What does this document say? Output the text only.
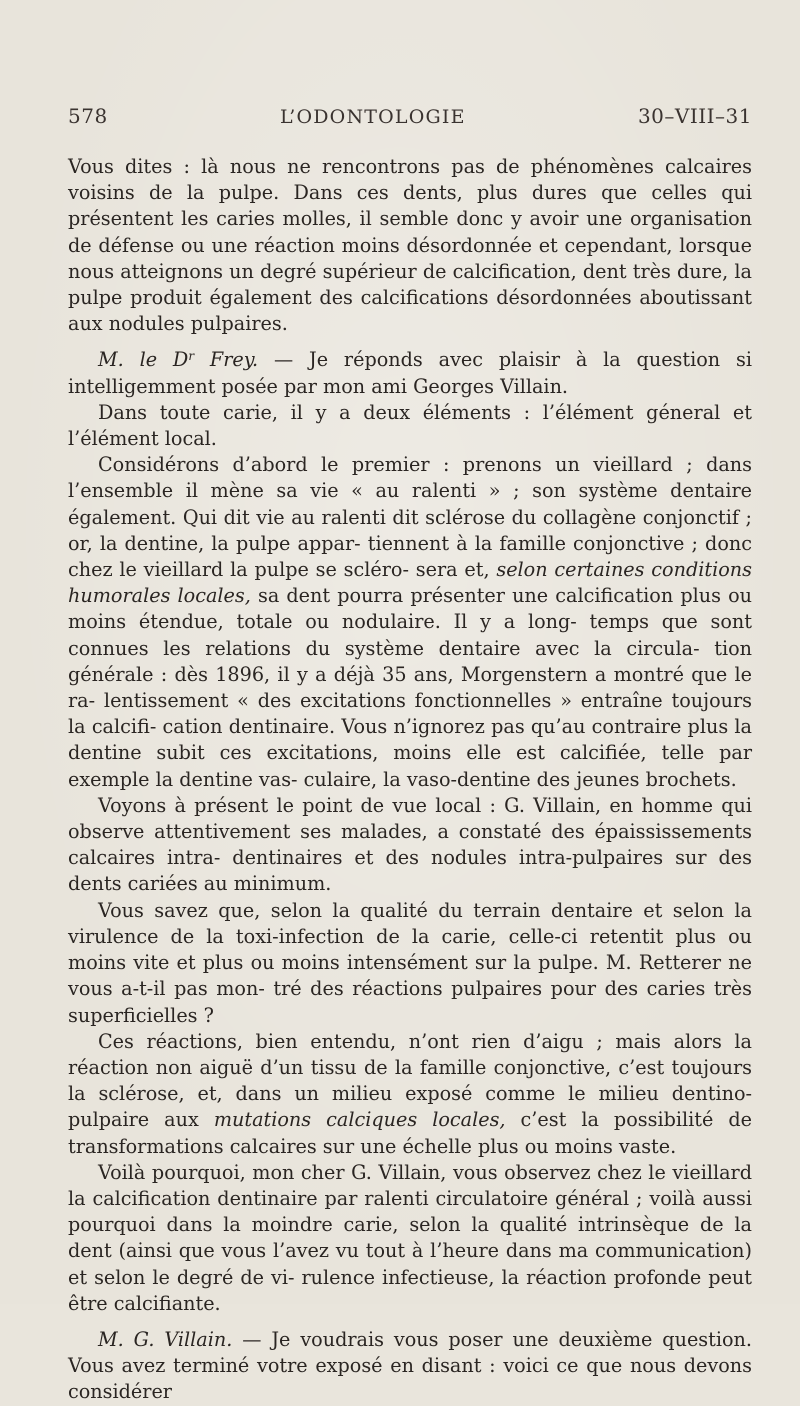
578	L’ODONTOLOGIE	30–VIII–31

Vous dites : là nous ne rencontrons pas de phénomènes calcaires voisins de la pulpe. Dans ces dents, plus dures que celles qui présentent les caries molles, il semble donc y avoir une organisation de défense ou une réaction moins désordonnée et cependant, lorsque nous atteignons un degré supérieur de calcification, dent très dure, la pulpe produit également des calcifications désordonnées aboutissant aux nodules pulpaires.

M. le $D^r$ Frey. — Je réponds avec plaisir à la question si intelligemment posée par mon ami Georges Villain.

Dans toute carie, il y a deux éléments : l’élément géneral et l’élément local.

Considérons d’abord le premier : prenons un vieillard ; dans l’ensemble il mène sa vie « au ralenti » ; son système dentaire également. Qui dit vie au ralenti dit sclérose du collagène conjonctif ; or, la dentine, la pulpe appar- tiennent à la famille conjonctive ; donc chez le vieillard la pulpe se scléro- sera et, selon certaines conditions humorales locales, sa dent pourra présenter une calcification plus ou moins étendue, totale ou nodulaire. Il y a long- temps que sont connues les relations du système dentaire avec la circula- tion générale : dès 1896, il y a déjà 35 ans, Morgenstern a montré que le ra- lentissement « des excitations fonctionnelles » entraîne toujours la calcifi- cation dentinaire. Vous n’ignorez pas qu’au contraire plus la dentine subit ces excitations, moins elle est calcifiée, telle par exemple la dentine vas- culaire, la vaso-dentine des jeunes brochets.

Voyons à présent le point de vue local : G. Villain, en homme qui observe attentivement ses malades, a constaté des épaississements calcaires intra- dentinaires et des nodules intra-pulpaires sur des dents cariées au minimum.

Vous savez que, selon la qualité du terrain dentaire et selon la virulence de la toxi-infection de la carie, celle-ci retentit plus ou moins vite et plus ou moins intensément sur la pulpe. M. Retterer ne vous a-t-il pas mon- tré des réactions pulpaires pour des caries très superficielles ?

Ces réactions, bien entendu, n’ont rien d’aigu ; mais alors la réaction non aiguë d’un tissu de la famille conjonctive, c’est toujours la sclérose, et, dans un milieu exposé comme le milieu dentino-pulpaire aux mutations calciques locales, c’est la possibilité de transformations calcaires sur une échelle plus ou moins vaste.

Voilà pourquoi, mon cher G. Villain, vous observez chez le vieillard la calcification dentinaire par ralenti circulatoire général ; voilà aussi pourquoi dans la moindre carie, selon la qualité intrinsèque de la dent (ainsi que vous l’avez vu tout à l’heure dans ma communication) et selon le degré de vi- rulence infectieuse, la réaction profonde peut être calcifiante.

M. G. Villain. — Je voudrais vous poser une deuxième question. Vous avez terminé votre exposé en disant : voici ce que nous devons considérer
